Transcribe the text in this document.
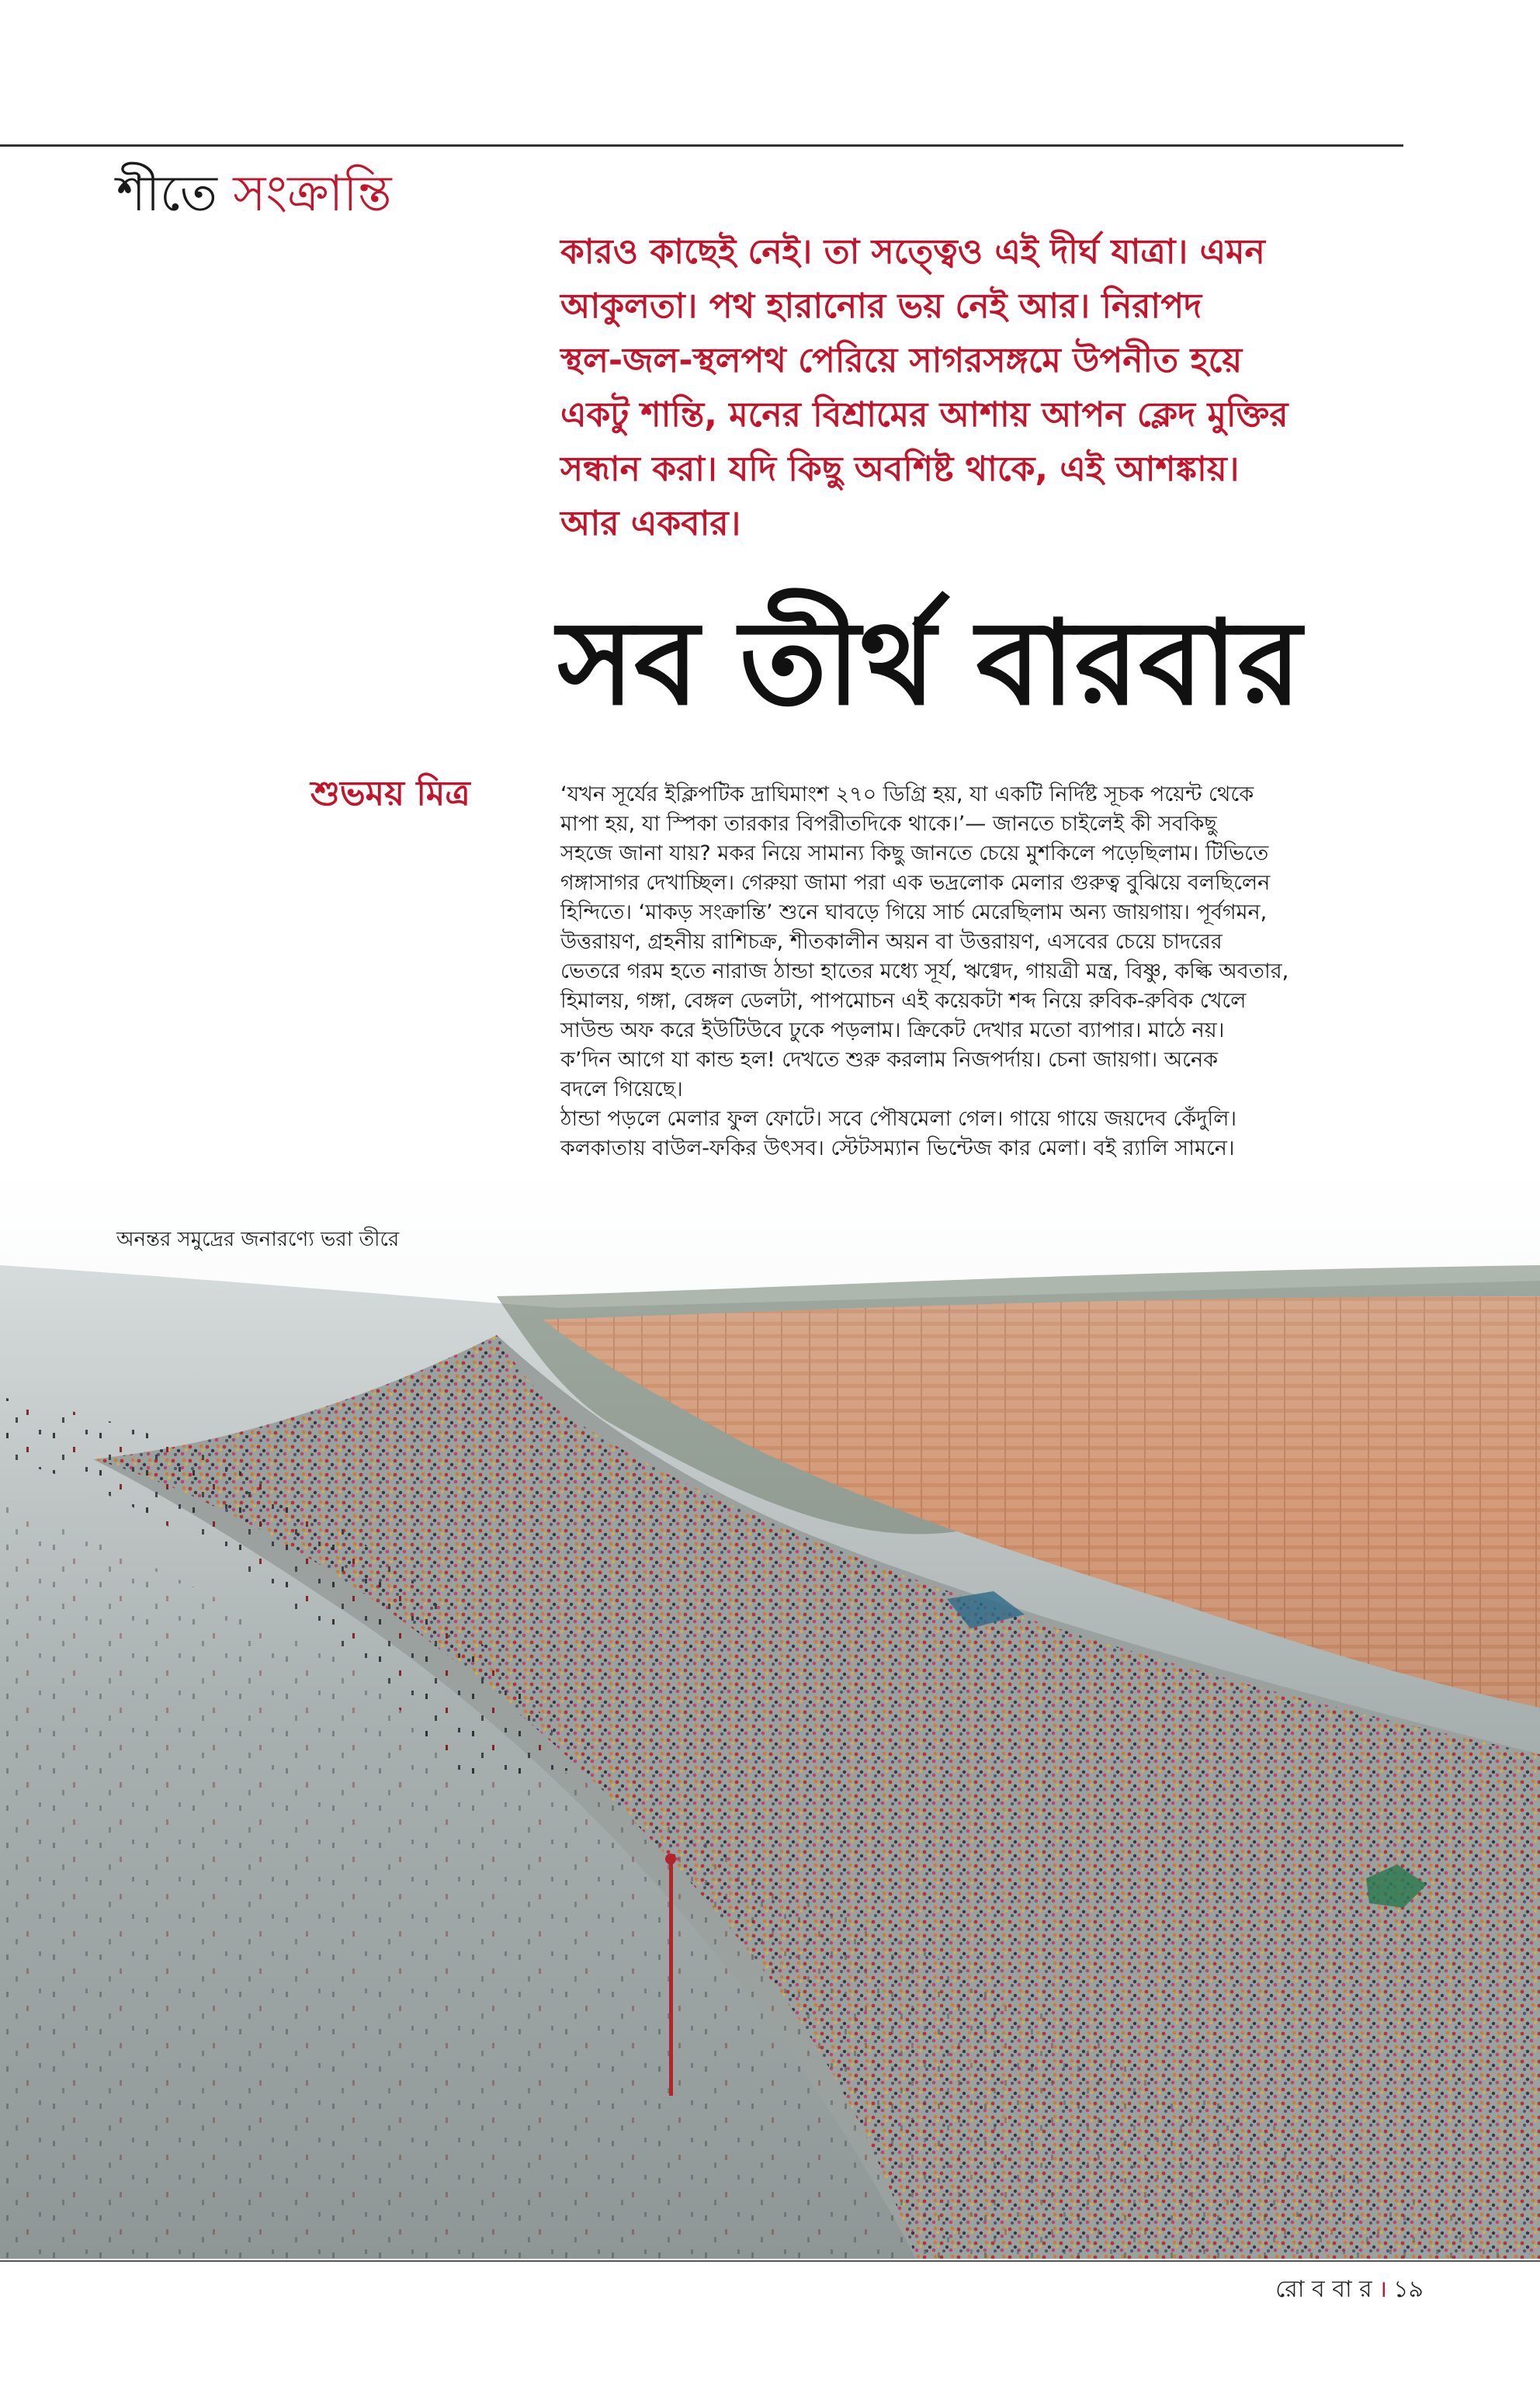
শীতে সংক্রান্তি
কারও কাছেই নেই। তা সত্ত্বেও এই দীর্ঘ যাত্রা। এমন
আকুলতা। পথ হারানোর ভয় নেই আর। নিরাপদ
স্থল-জল-স্থলপথ পেরিয়ে সাগরসঙ্গমে উপনীত হয়ে
একটু শান্তি, মনের বিশ্রামের আশায় আপন ক্লেদ মুক্তির
সন্ধান করা। যদি কিছু অবশিষ্ট থাকে, এই আশঙ্কায়।
আর একবার।
সব তীর্থ বারবার
শুভময় মিত্র	‘যখন সূর্যের ইক্লিপটিক দ্রাঘিমাংশ ২৭০ ডিগ্রি হয়, যা একটি নির্দিষ্ট সূচক পয়েন্ট থেকে
মাপা হয়, যা স্পিকা তারকার বিপরীতদিকে থাকে।’— জানতে চাইলেই কী সবকিছু
সহজে জানা যায়? মকর নিয়ে সামান্য কিছু জানতে চেয়ে মুশকিলে পড়েছিলাম। টিভিতে
গঙ্গাসাগর দেখাচ্ছিল। গেরুয়া জামা পরা এক ভদ্রলোক মেলার গুরুত্ব বুঝিয়ে বলছিলেন
হিন্দিতে। ‘মাকড় সংক্রান্তি’ শুনে ঘাবড়ে গিয়ে সার্চ মেরেছিলাম অন্য জায়গায়। পূর্বগমন,
উত্তরায়ণ, গ্রহনীয় রাশিচক্র, শীতকালীন অয়ন বা উত্তরায়ণ, এসবের চেয়ে চাদরের
ভেতরে গরম হতে নারাজ ঠান্ডা হাতের মধ্যে সূর্য, ঋগ্বেদ, গায়ত্রী মন্ত্র, বিষ্ণু, কল্কি অবতার,
হিমালয়, গঙ্গা, বেঙ্গল ডেলটা, পাপমোচন এই কয়েকটা শব্দ নিয়ে রুবিক-রুবিক খেলে
সাউন্ড অফ করে ইউটিউবে ঢুকে পড়লাম। ক্রিকেট দেখার মতো ব্যাপার। মাঠে নয়।
ক’দিন আগে যা কান্ড হল! দেখতে শুরু করলাম নিজপর্দায়। চেনা জায়গা। অনেক
বদলে গিয়েছে।
ঠান্ডা পড়লে মেলার ফুল ফোটে। সবে পৌষমেলা গেল। গায়ে গায়ে জয়দেব কেঁদুলি।
কলকাতায় বাউল-ফকির উৎসব। স্টেটসম্যান ভিন্টেজ কার মেলা। বই র‍্যালি সামনে।
অনন্তর সমুদ্রের জনারণ্যে ভরা তীরে
রো ব বা র । ১৯
